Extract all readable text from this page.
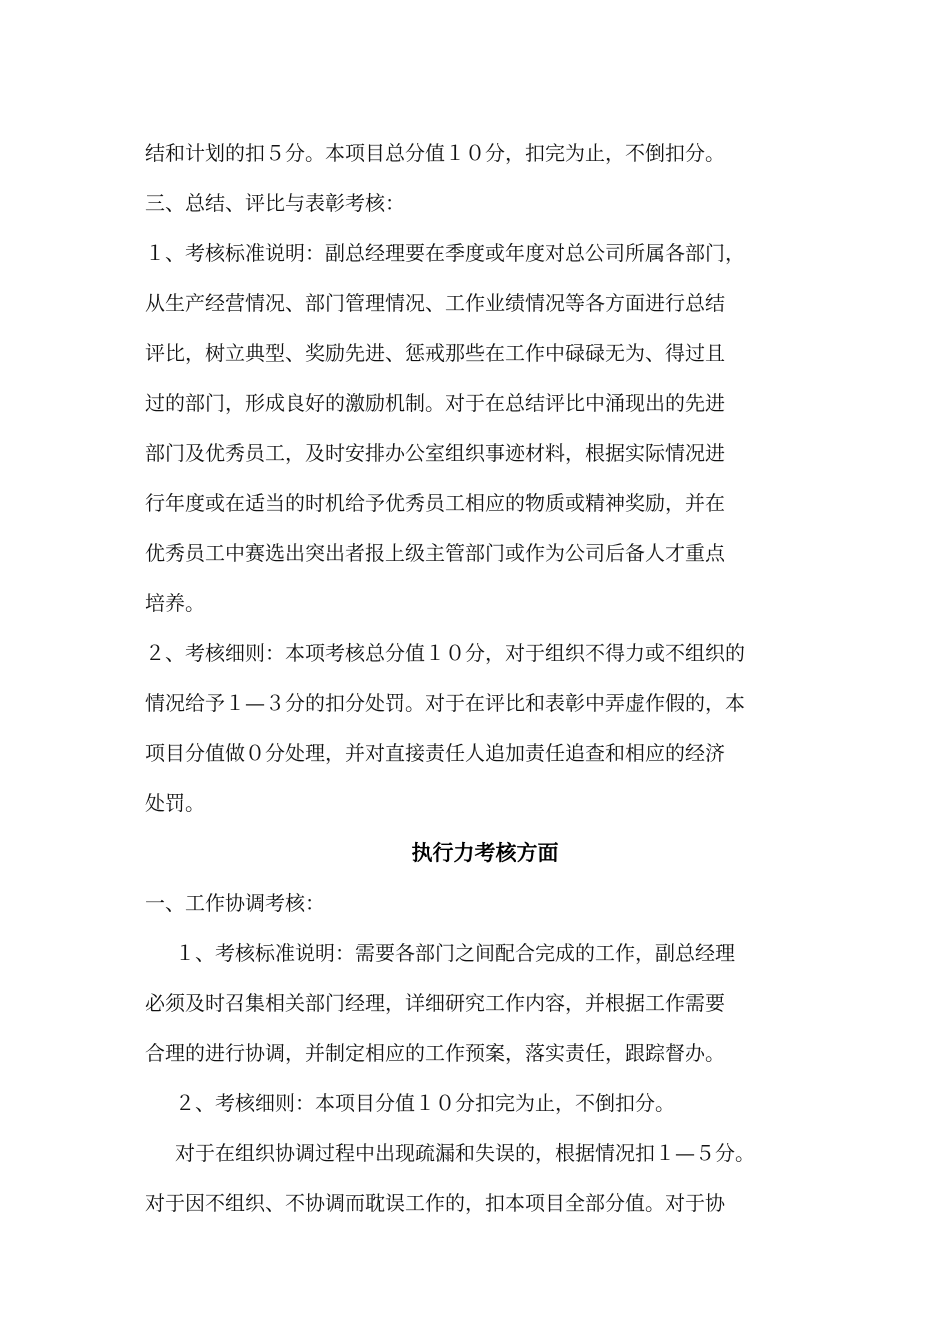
结和计划的扣５分。本项目总分值１０分，扣完为止，不倒扣分。
三、总结、评比与表彰考核：
１、考核标准说明：副总经理要在季度或年度对总公司所属各部门，
从生产经营情况、部门管理情况、工作业绩情况等各方面进行总结
评比，树立典型、奖励先进、惩戒那些在工作中碌碌无为、得过且
过的部门，形成良好的激励机制。对于在总结评比中涌现出的先进
部门及优秀员工，及时安排办公室组织事迹材料，根据实际情况进
行年度或在适当的时机给予优秀员工相应的物质或精神奖励，并在
优秀员工中赛选出突出者报上级主管部门或作为公司后备人才重点
培养。
２、考核细则：本项考核总分值１０分，对于组织不得力或不组织的
情况给予１—３分的扣分处罚。对于在评比和表彰中弄虚作假的，本
项目分值做０分处理，并对直接责任人追加责任追查和相应的经济
处罚。
执行力考核方面
一、工作协调考核：
１、考核标准说明：需要各部门之间配合完成的工作，副总经理
必须及时召集相关部门经理，详细研究工作内容，并根据工作需要
合理的进行协调，并制定相应的工作预案，落实责任，跟踪督办。
２、考核细则：本项目分值１０分扣完为止，不倒扣分。
对于在组织协调过程中出现疏漏和失误的，根据情况扣１—５分。
对于因不组织、不协调而耽误工作的，扣本项目全部分值。对于协
